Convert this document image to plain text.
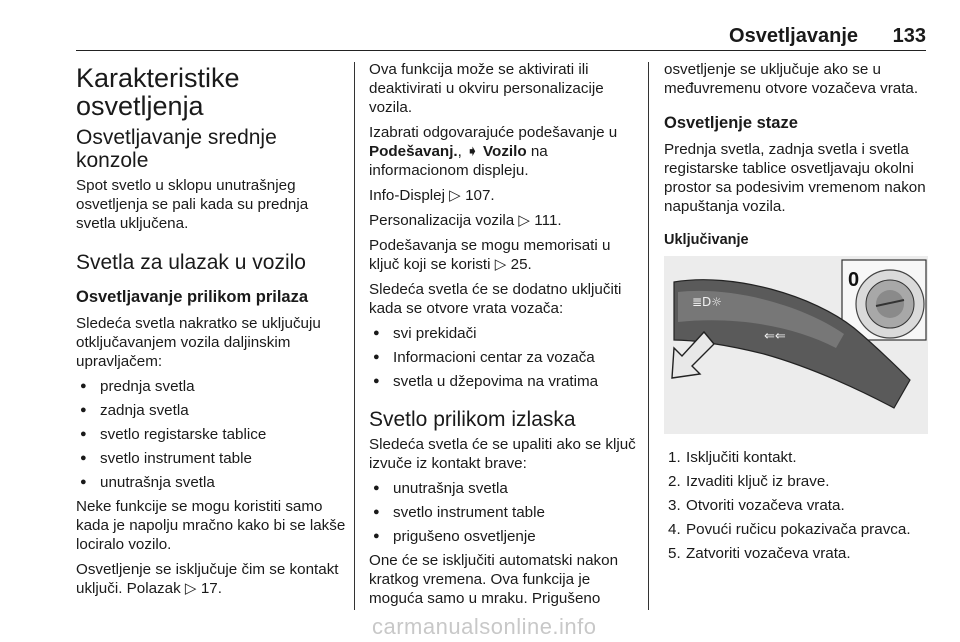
Osvetljavanje 133
Karakteristike osvetljenja
Osvetljavanje srednje konzole

Spot svetlo u sklopu unutrašnjeg osvetljenja se pali kada su prednja svetla uključena.

Svetla za ulazak u vozilo
Osvetljavanje prilikom prilaza

Sledeća svetla nakratko se uključuju otključavanjem vozila daljinskim upravljačem:

● prednja svetla
● zadnja svetla
● svetlo registarske tablice
● svetlo instrument table
● unutrašnja svetla

Neke funkcije se mogu koristiti samo kada je napolju mračno kako bi se lakše lociralo vozilo.

Osvetljenje se isključuje čim se kontakt uključi. Polazak ▷ 17.

Ova funkcija može se aktivirati ili deaktivirati u okviru personalizacije vozila.

Izabrati odgovarajuće podešavanje u Podešavanj., ➧ Vozilo na informacionom displeju.

Info-Displej ▷ 107.

Personalizacija vozila ▷ 111.

Podešavanja se mogu memorisati u ključ koji se koristi ▷ 25.

Sledeća svetla će se dodatno uključiti kada se otvore vrata vozača:

● svi prekidači
● Informacioni centar za vozača
● svetla u džepovima na vratima
Svetlo prilikom izlaska

Sledeća svetla će se upaliti ako se ključ izvuče iz kontakt brave:

● unutrašnja svetla
● svetlo instrument table
● prigušeno osvetljenje

One će se isključiti automatski nakon kratkog vremena. Ova funkcija je moguća samo u mraku. Prigušeno

osvetljenje se uključuje ako se u međuvremenu otvore vozačeva vrata.

Osvetljenje staze

Prednja svetla, zadnja svetla i svetla registarske tablice osvetljavaju okolni prostor sa podesivim vremenom nakon napuštanja vozila.

Uključivanje
0
≣D☼
⇐⇐
1. Isključiti kontakt.
2. Izvaditi ključ iz brave.
3. Otvoriti vozačeva vrata.
4. Povući ručicu pokazivača pravca.
5. Zatvoriti vozačeva vrata.
carmanualsonline.info
